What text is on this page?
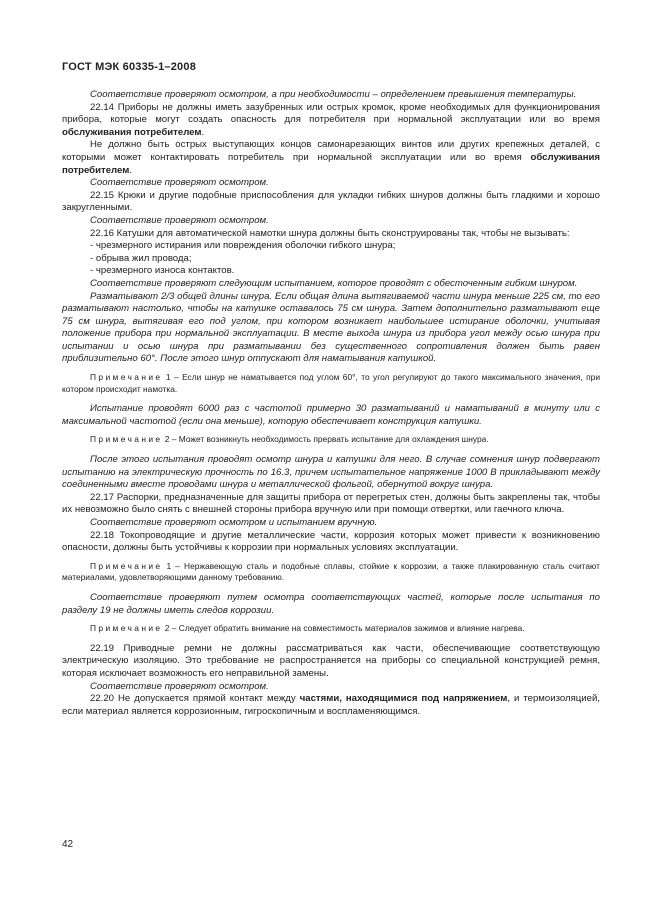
ГОСТ МЭК 60335-1–2008

Соответствие проверяют осмотром, а при необходимости – определением превышения температуры.

22.14 Приборы не должны иметь зазубренных или острых кромок, кроме необходимых для функционирования прибора, которые могут создать опасность для потребителя при нормальной эксплуатации или во время обслуживания потребителем.

Не должно быть острых выступающих концов самонарезающих винтов или других крепежных деталей, с которыми может контактировать потребитель при нормальной эксплуатации или во время обслуживания потребителем.

Соответствие проверяют осмотром.

22.15 Крюки и другие подобные приспособления для укладки гибких шнуров должны быть гладкими и хорошо закругленными.

Соответствие проверяют осмотром.

22.16 Катушки для автоматической намотки шнура должны быть сконструированы так, чтобы не вызывать:

- чрезмерного истирания или повреждения оболочки гибкого шнура;

- обрыва жил провода;

- чрезмерного износа контактов.

Соответствие проверяют следующим испытанием, которое проводят с обесточенным гибким шнуром.

Разматывают 2/3 общей длины шнура. Если общая длина вытягиваемой части шнура меньше 225 см, то его разматывают настолько, чтобы на катушке оставалось 75 см шнура. Затем дополнительно разматывают еще 75 см шнура, вытягивая его под углом, при котором возникает наибольшее истирание оболочки, учитывая положение прибора при нормальной эксплуатации. В месте выхода шнура из прибора угол между осью шнура при испытании и осью шнура при разматывании без существенного сопротивления должен быть равен приблизительно 60°. После этого шнур отпускают для наматывания катушкой.

Примечание 1 – Если шнур не наматывается под углом 60°, то угол регулируют до такого максимального значения, при котором происходит намотка.

Испытание проводят 6000 раз с частотой примерно 30 разматываний и наматываний в минуту или с максимальной частотой (если она меньше), которую обеспечивает конструкция катушки.

Примечание 2 – Может возникнуть необходимость прервать испытание для охлаждения шнура.

После этого испытания проводят осмотр шнура и катушки для него. В случае сомнения шнур подвергают испытанию на электрическую прочность по 16.3, причем испытательное напряжение 1000 В прикладывают между соединенными вместе проводами шнура и металлической фольгой, обернутой вокруг шнура.

22.17 Распорки, предназначенные для защиты прибора от перегретых стен, должны быть закреплены так, чтобы их невозможно было снять с внешней стороны прибора вручную или при помощи отвертки, или гаечного ключа.

Соответствие проверяют осмотром и испытанием вручную.

22.18 Токопроводящие и другие металлические части, коррозия которых может привести к возникновению опасности, должны быть устойчивы к коррозии при нормальных условиях эксплуатации.

Примечание 1 – Нержавеющую сталь и подобные сплавы, стойкие к коррозии, а также плакированную сталь считают материалами, удовлетворяющими данному требованию.

Соответствие проверяют путем осмотра соответствующих частей, которые после испытания по разделу 19 не должны иметь следов коррозии.

Примечание 2 – Следует обратить внимание на совместимость материалов зажимов и влияние нагрева.

22.19 Приводные ремни не должны рассматриваться как части, обеспечивающие соответствующую электрическую изоляцию. Это требование не распространяется на приборы со специальной конструкцией ремня, которая исключает возможность его неправильной замены.

Соответствие проверяют осмотром.

22.20 Не допускается прямой контакт между частями, находящимися под напряжением, и термоизоляцией, если материал является коррозионным, гигроскопичным и воспламеняющимся.

42
